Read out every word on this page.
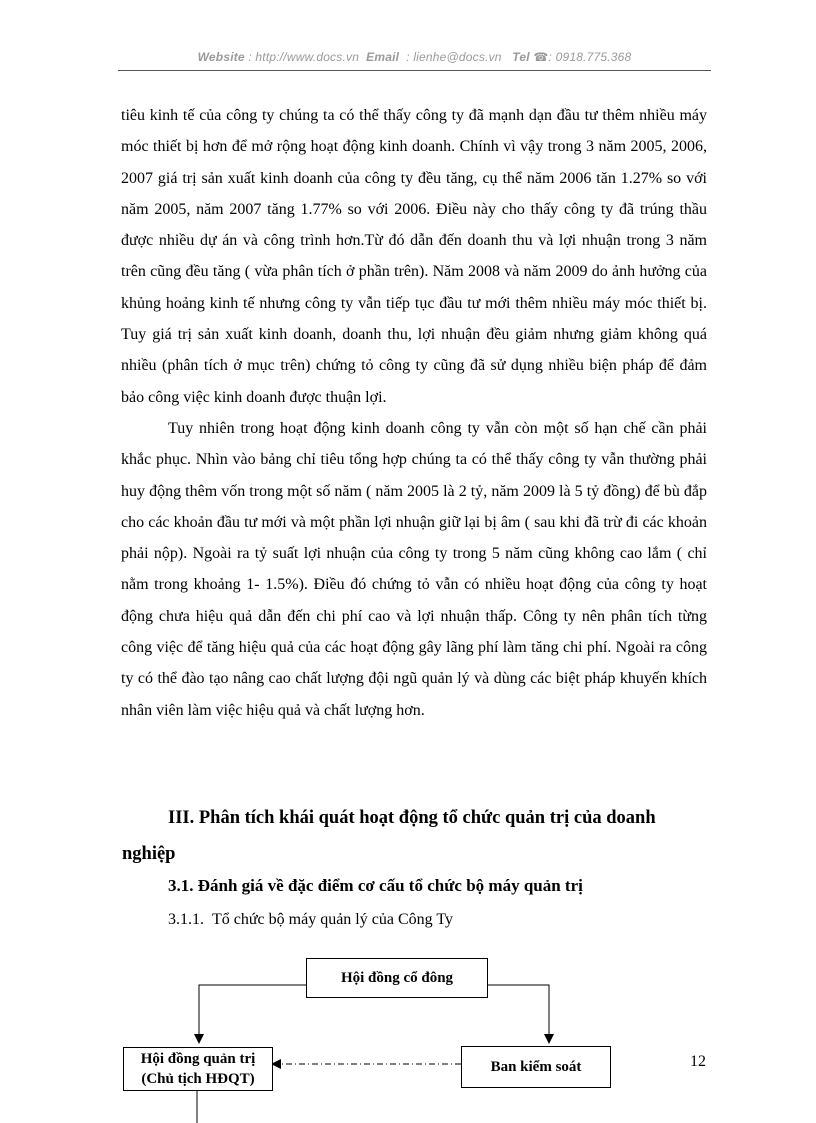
Website : http://www.docs.vn Email : lienhe@docs.vn Tel ☎: 0918.775.368

tiêu kinh tế của công ty chúng ta có thể thấy công ty đã mạnh dạn đầu tư thêm nhiều máy móc thiết bị hơn để mở rộng hoạt động kinh doanh. Chính vì vậy trong 3 năm 2005, 2006, 2007 giá trị sản xuất kinh doanh của công ty đều tăng, cụ thể năm 2006 tăn 1.27% so với năm 2005, năm 2007 tăng 1.77% so với 2006. Điều này cho thấy công ty đã trúng thầu được nhiều dự án và công trình hơn.Từ đó dẫn đến doanh thu và lợi nhuận trong 3 năm trên cũng đều tăng ( vừa phân tích ở phần trên). Năm 2008 và năm 2009 do ảnh hưởng của khủng hoảng kinh tế nhưng công ty vẫn tiếp tục đầu tư mới thêm nhiều máy móc thiết bị. Tuy giá trị sản xuất kinh doanh, doanh thu, lợi nhuận đều giảm nhưng giảm không quá nhiều (phân tích ở mục trên) chứng tỏ công ty cũng đã sử dụng nhiều biện pháp để đảm bảo công việc kinh doanh được thuận lợi.

Tuy nhiên trong hoạt động kinh doanh công ty vẫn còn một số hạn chế cần phải khắc phục. Nhìn vào bảng chỉ tiêu tổng hợp chúng ta có thể thấy công ty vẫn thường phải huy động thêm vốn trong một số năm ( năm 2005 là 2 tỷ, năm 2009 là 5 tỷ đồng) để bù đắp cho các khoản đầu tư mới và một phần lợi nhuận giữ lại bị âm ( sau khi đã trừ đi các khoản phải nộp). Ngoài ra tỷ suất lợi nhuận của công ty trong 5 năm cũng không cao lắm ( chỉ nằm trong khoảng 1- 1.5%). Điều đó chứng tỏ vẫn có nhiều hoạt động của công ty hoạt động chưa hiệu quả dẫn đến chi phí cao và lợi nhuận thấp. Công ty nên phân tích từng công việc để tăng hiệu quả của các hoạt động gây lãng phí làm tăng chi phí. Ngoài ra công ty có thể đào tạo nâng cao chất lượng đội ngũ quản lý và dùng các biệt pháp khuyến khích nhân viên làm việc hiệu quả và chất lượng hơn.

III. Phân tích khái quát hoạt động tổ chức quản trị của doanh
nghiệp
3.1. Đánh giá về đặc điểm cơ cấu tổ chức bộ máy quản trị
3.1.1. Tổ chức bộ máy quản lý của Công Ty
Hội đồng cổ đông
Hội đồng quản trị
(Chủ tịch HĐQT)
Ban kiểm soát	12
